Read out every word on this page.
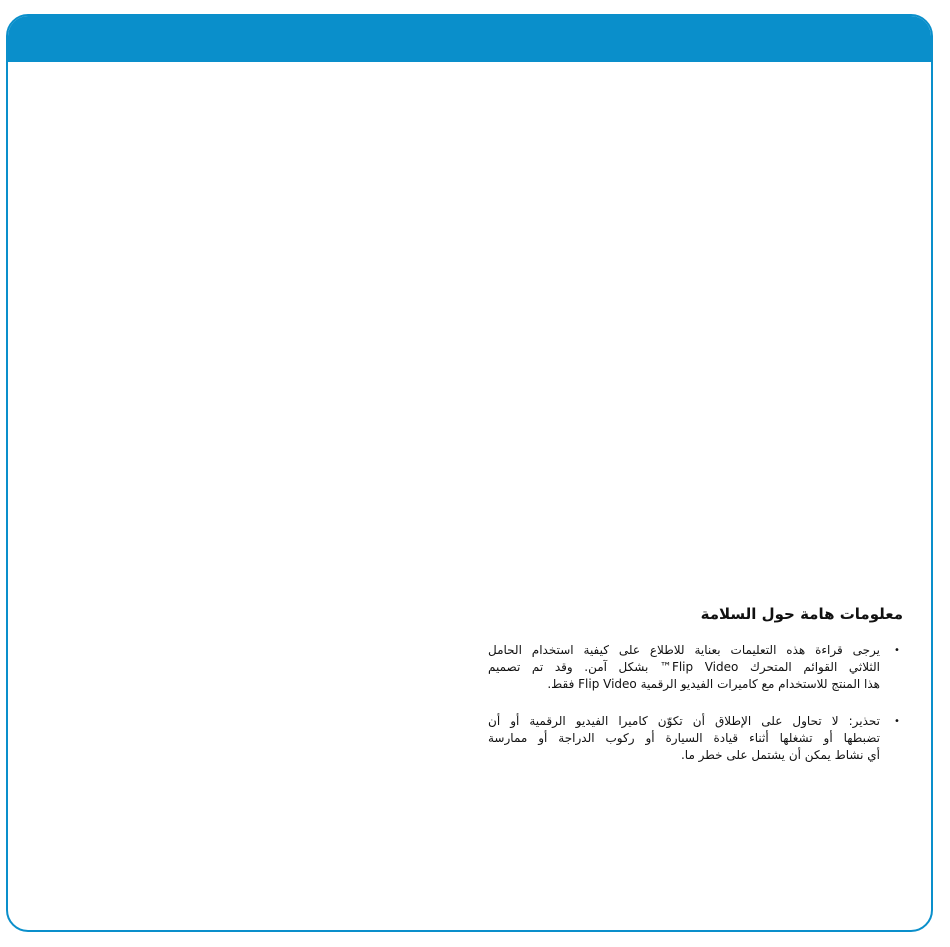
معلومات هامة حول السلامة
•
يرجى قراءة هذه التعليمات بعناية للاطلاع على كيفية استخدام الحامل
الثلاثي القوائم المتحرك Flip Video™ بشكل آمن. وقد تم تصميم
هذا المنتج للاستخدام مع كاميرات الفيديو الرقمية Flip Video فقط.
•
تحذير: لا تحاول على الإطلاق أن تكوّن كاميرا الفيديو الرقمية أو أن
تضبطها أو تشغلها أثناء قيادة السيارة أو ركوب الدراجة أو ممارسة
أي نشاط يمكن أن يشتمل على خطر ما.
